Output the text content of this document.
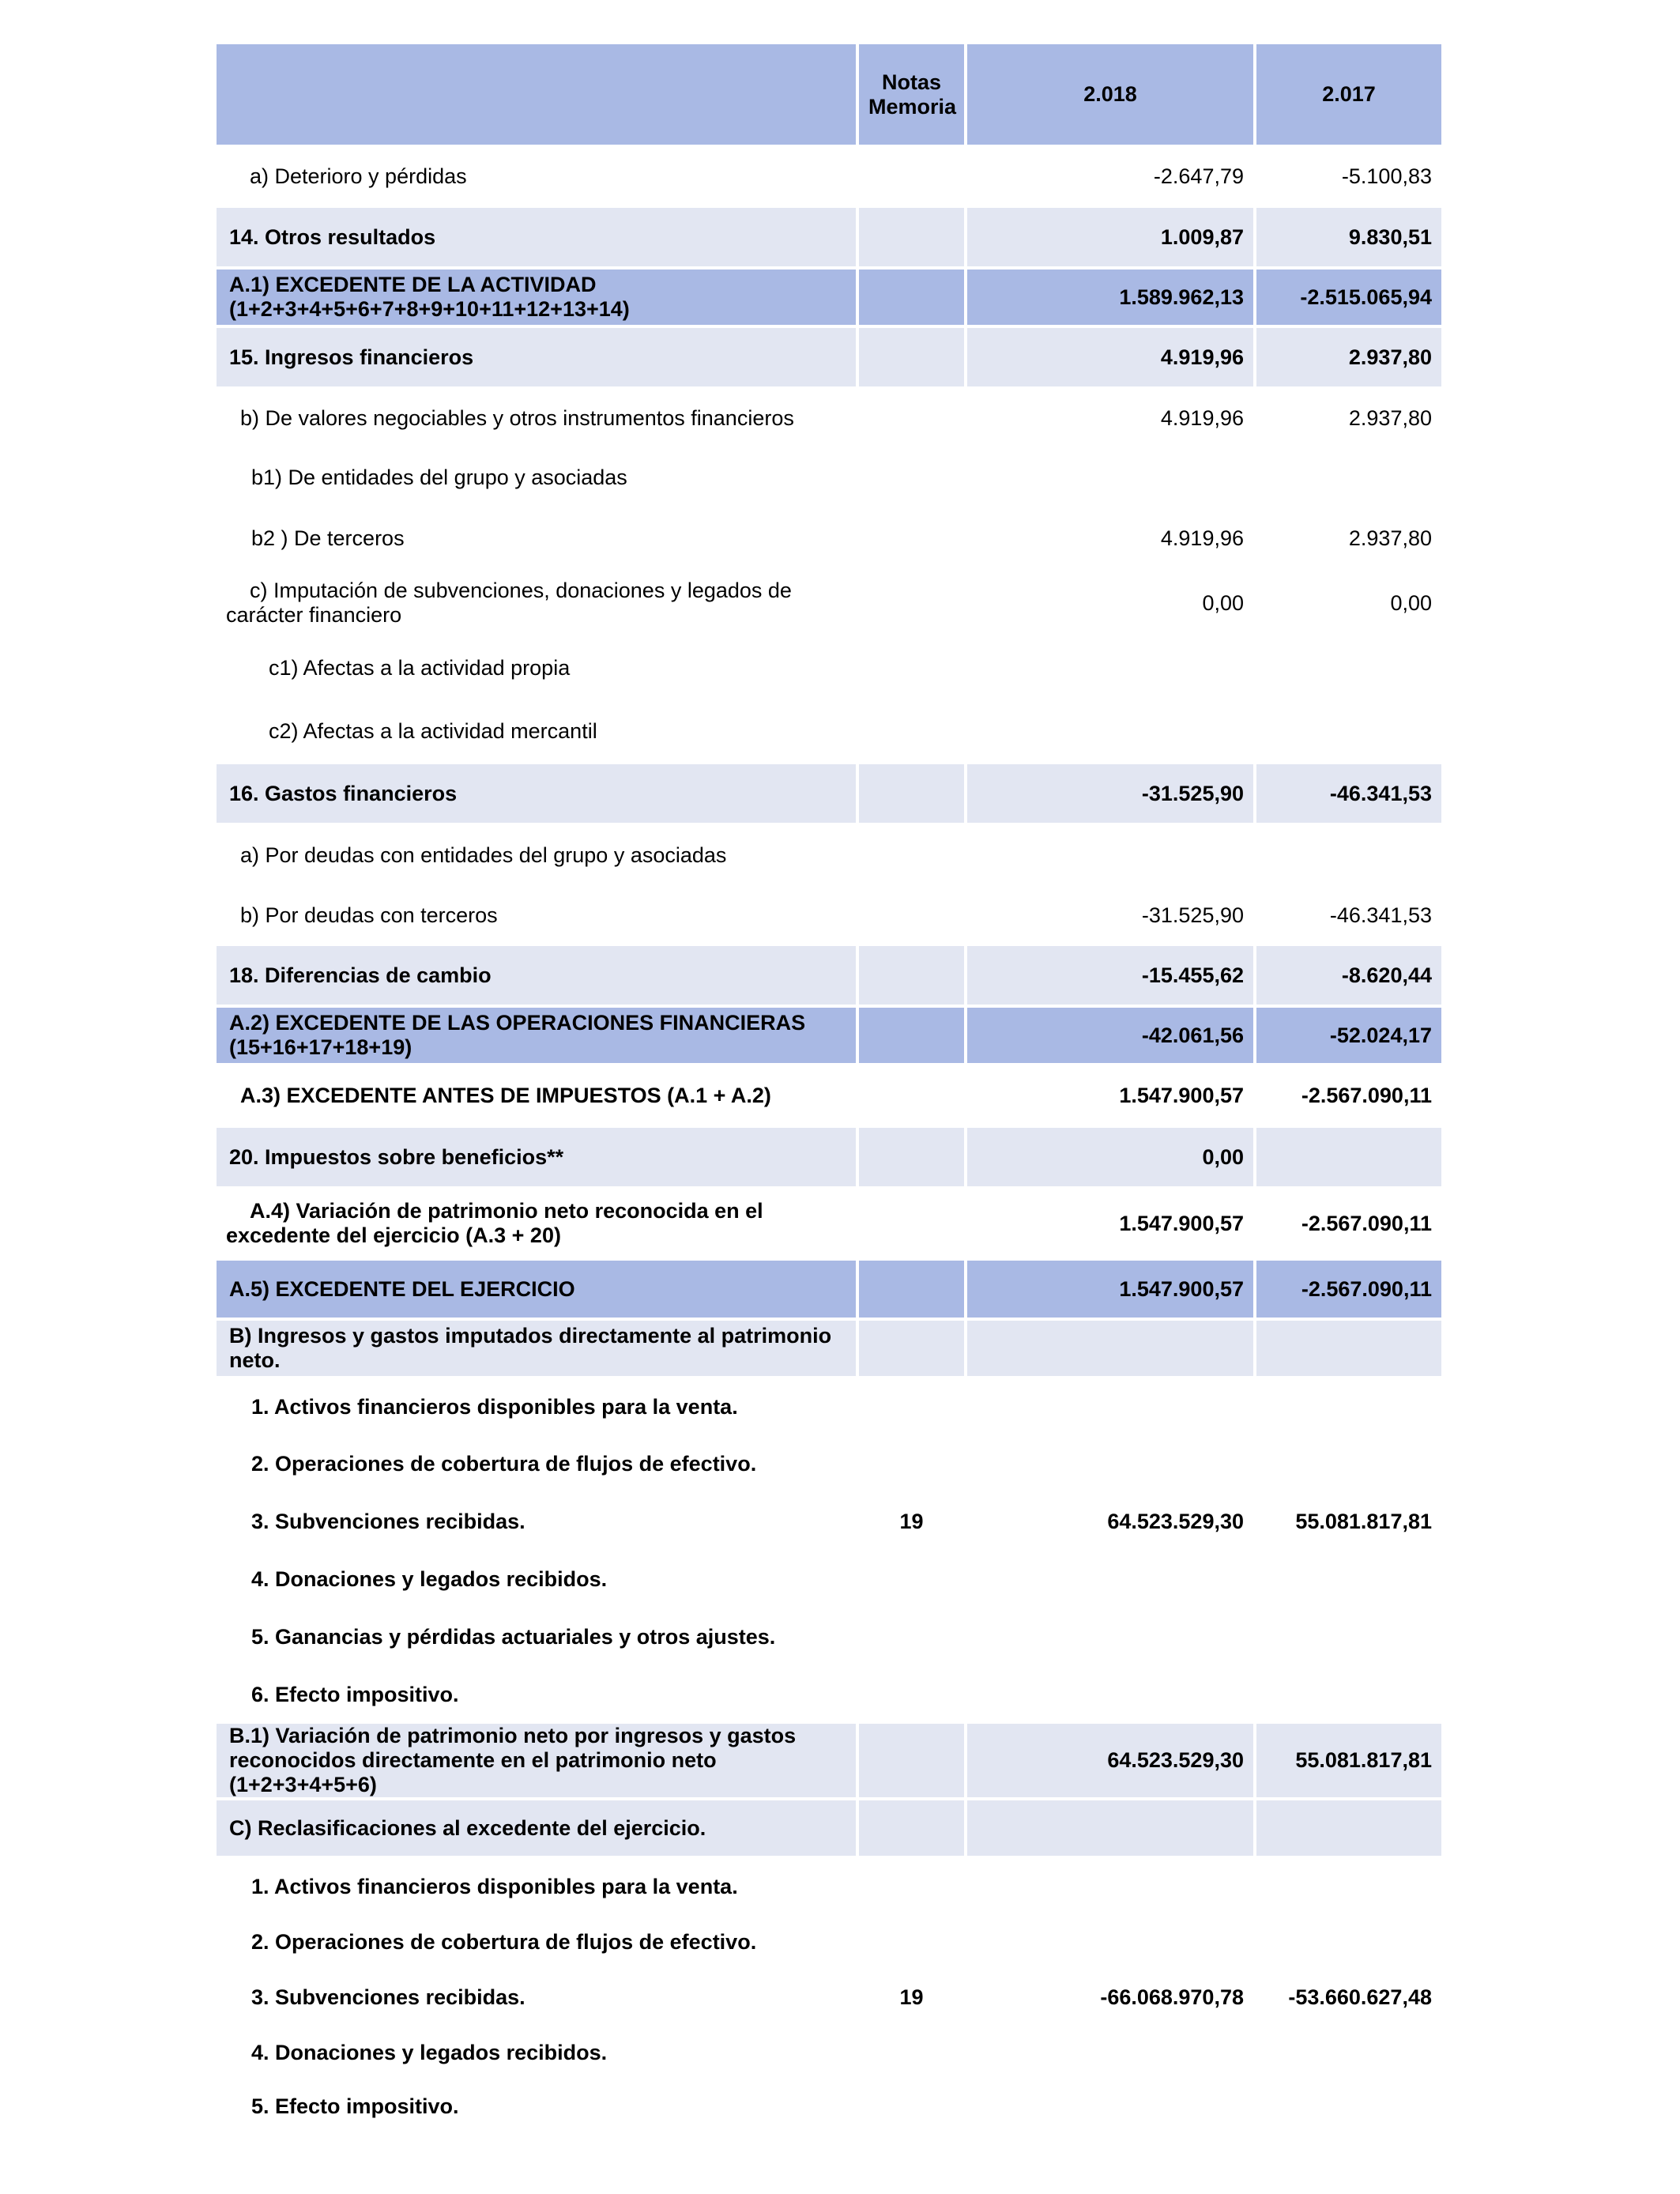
	Notas Memoria	2.018	2.017
a) Deterioro y pérdidas		-2.647,79	-5.100,83
14. Otros resultados		1.009,87	9.830,51
A.1) EXCEDENTE DE LA ACTIVIDAD (1+2+3+4+5+6+7+8+9+10+11+12+13+14)		1.589.962,13	-2.515.065,94
15. Ingresos financieros		4.919,96	2.937,80
b) De valores negociables y otros instrumentos financieros		4.919,96	2.937,80
b1) De entidades del grupo y asociadas			
b2 ) De terceros		4.919,96	2.937,80
c) Imputación de subvenciones, donaciones y legados de carácter financiero		0,00	0,00
c1) Afectas a la actividad propia			
c2) Afectas a la actividad mercantil			
16. Gastos financieros		-31.525,90	-46.341,53
a) Por deudas con entidades del grupo y asociadas			
b) Por deudas con terceros		-31.525,90	-46.341,53
18. Diferencias de cambio		-15.455,62	-8.620,44
A.2) EXCEDENTE DE LAS OPERACIONES FINANCIERAS (15+16+17+18+19)		-42.061,56	-52.024,17
A.3) EXCEDENTE ANTES DE IMPUESTOS (A.1 + A.2)		1.547.900,57	-2.567.090,11
20. Impuestos sobre beneficios**		0,00	
A.4) Variación de patrimonio neto reconocida en el excedente del ejercicio (A.3 + 20)		1.547.900,57	-2.567.090,11
A.5) EXCEDENTE DEL EJERCICIO		1.547.900,57	-2.567.090,11
B) Ingresos y gastos imputados directamente al patrimonio neto.			
1. Activos financieros disponibles para la venta.			
2. Operaciones de cobertura de flujos de efectivo.			
3. Subvenciones recibidas.	19	64.523.529,30	55.081.817,81
4. Donaciones y legados recibidos.			
5. Ganancias y pérdidas actuariales y otros ajustes.			
6. Efecto impositivo.			
B.1) Variación de patrimonio neto por ingresos y gastos reconocidos directamente en el patrimonio neto (1+2+3+4+5+6)		64.523.529,30	55.081.817,81
C) Reclasificaciones al excedente del ejercicio.			
1. Activos financieros disponibles para la venta.			
2. Operaciones de cobertura de flujos de efectivo.			
3. Subvenciones recibidas.	19	-66.068.970,78	-53.660.627,48
4. Donaciones y legados recibidos.			
5. Efecto impositivo.			
